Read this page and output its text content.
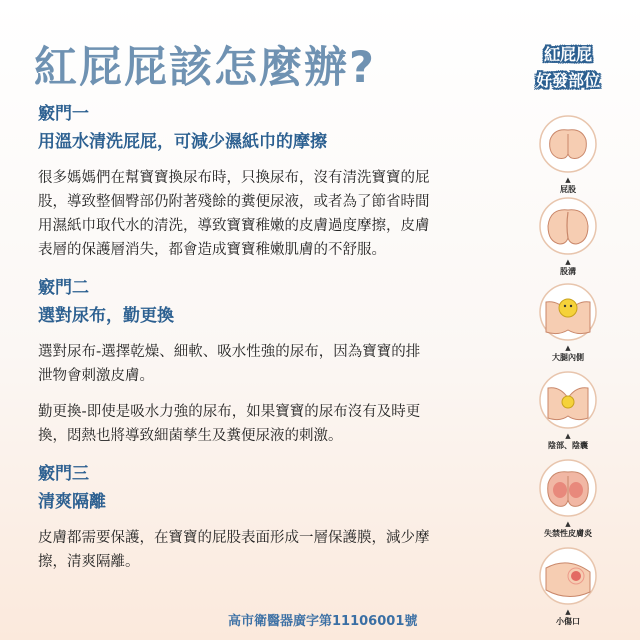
紅屁屁該怎麼辦?

竅門一

用溫水清洗屁屁，可減少濕紙巾的摩擦

很多媽媽們在幫寶寶換尿布時，只換尿布，沒有清洗寶寶的屁股，導致整個臀部仍附著殘餘的糞便尿液，或者為了節省時間用濕紙巾取代水的清洗，導致寶寶稚嫩的皮膚過度摩擦，皮膚表層的保護層消失，都會造成寶寶稚嫩肌膚的不舒服。

竅門二

選對尿布，勤更換

選對尿布-選擇乾燥、細軟、吸水性強的尿布，因為寶寶的排泄物會刺激皮膚。

勤更換-即使是吸水力強的尿布，如果寶寶的尿布沒有及時更換，悶熱也將導致細菌孳生及糞便尿液的刺激。

竅門三

清爽隔離

皮膚都需要保護，在寶寶的屁股表面形成一層保護膜，減少摩擦，清爽隔離。

高市衛醫器廣字第11106001號
紅屁屁
好發部位
▲
屁股
▲
股溝
▲
大腿內側
▲
陰部、陰囊
▲
失禁性皮膚炎
▲
小傷口
